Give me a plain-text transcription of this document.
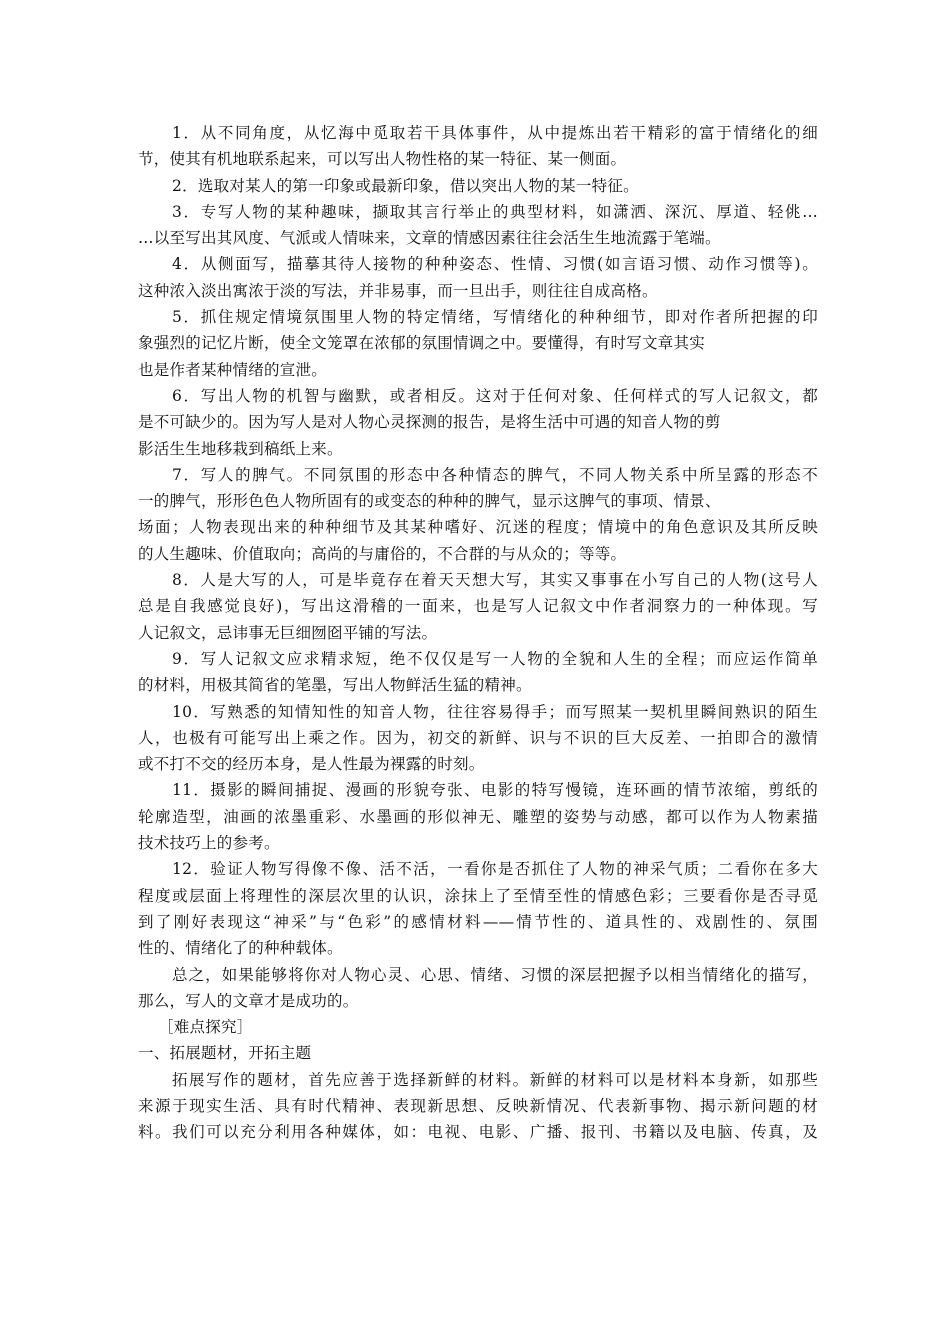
1．从不同角度，从忆海中觅取若干具体事件，从中提炼出若干精彩的富于情绪化的细
节，使其有机地联系起来，可以写出人物性格的某一特征、某一侧面。
2．选取对某人的第一印象或最新印象，借以突出人物的某一特征。
3．专写人物的某种趣味，撷取其言行举止的典型材料，如潇洒、深沉、厚道、轻佻…
…以至写出其风度、气派或人情味来，文章的情感因素往往会活生生地流露于笔端。
4．从侧面写，描摹其待人接物的种种姿态、性情、习惯(如言语习惯、动作习惯等)。
这种浓入淡出寓浓于淡的写法，并非易事，而一旦出手，则往往自成高格。
5．抓住规定情境氛围里人物的特定情绪，写情绪化的种种细节，即对作者所把握的印
象强烈的记忆片断，使全文笼罩在浓郁的氛围情调之中。要懂得，有时写文章其实
也是作者某种情绪的宣泄。
6．写出人物的机智与幽默，或者相反。这对于任何对象、任何样式的写人记叙文，都
是不可缺少的。因为写人是对人物心灵探测的报告，是将生活中可遇的知音人物的剪
影活生生地移栽到稿纸上来。
7．写人的脾气。不同氛围的形态中各种情态的脾气，不同人物关系中所呈露的形态不
一的脾气，形形色色人物所固有的或变态的种种的脾气，显示这脾气的事项、情景、
场面；人物表现出来的种种细节及其某种嗜好、沉迷的程度；情境中的角色意识及其所反映
的人生趣味、价值取向；高尚的与庸俗的，不合群的与从众的；等等。
8．人是大写的人，可是毕竟存在着天天想大写，其实又事事在小写自己的人物(这号人
总是自我感觉良好)，写出这滑稽的一面来，也是写人记叙文中作者洞察力的一种体现。写
人记叙文，忌讳事无巨细囫囵平铺的写法。
9．写人记叙文应求精求短，绝不仅仅是写一人物的全貌和人生的全程；而应运作简单
的材料，用极其简省的笔墨，写出人物鲜活生猛的精神。
10．写熟悉的知情知性的知音人物，往往容易得手；而写照某一契机里瞬间熟识的陌生
人，也极有可能写出上乘之作。因为，初交的新鲜、识与不识的巨大反差、一拍即合的激情
或不打不交的经历本身，是人性最为裸露的时刻。
11．摄影的瞬间捕捉、漫画的形貌夸张、电影的特写慢镜，连环画的情节浓缩，剪纸的
轮廓造型，油画的浓墨重彩、水墨画的形似神无、雕塑的姿势与动感，都可以作为人物素描
技术技巧上的参考。
12．验证人物写得像不像、活不活，一看你是否抓住了人物的神采气质；二看你在多大
程度或层面上将理性的深层次里的认识，涂抹上了至情至性的情感色彩；三要看你是否寻觅
到了刚好表现这“神采”与“色彩”的感情材料——情节性的、道具性的、戏剧性的、氛围
性的、情绪化了的种种载体。
总之，如果能够将你对人物心灵、心思、情绪、习惯的深层把握予以相当情绪化的描写，
那么，写人的文章才是成功的。
［难点探究］
一、拓展题材，开拓主题
拓展写作的题材，首先应善于选择新鲜的材料。新鲜的材料可以是材料本身新，如那些
来源于现实生活、具有时代精神、表现新思想、反映新情况、代表新事物、揭示新问题的材
料。我们可以充分利用各种媒体，如：电视、电影、广播、报刊、书籍以及电脑、传真，及
